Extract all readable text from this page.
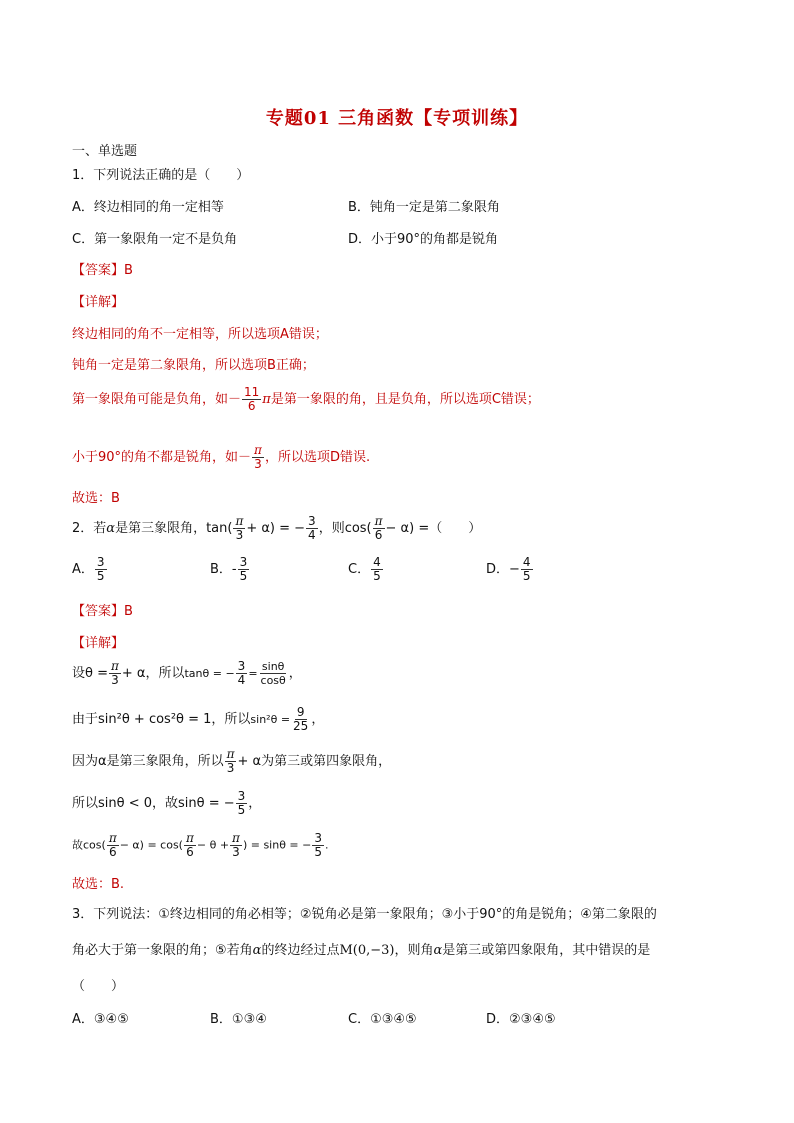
专题01 三角函数【专项训练】
一、单选题
1．下列说法正确的是（　　）
A．终边相同的角一定相等	B．钝角一定是第二象限角
C．第一象限角一定不是负角	D．小于90°的角都是锐角
【答案】B
【详解】
终边相同的角不一定相等，所以选项A错误；
钝角一定是第二象限角，所以选项B正确；
第一象限角可能是负角，如－ $\frac{11}{6}$ π是第一象限的角，且是负角，所以选项C错误；
小于90°的角不都是锐角，如－ $\frac{\pi}{3}$ ，所以选项D错误.
故选：B
2．若α是第三象限角，$\tan( \frac{\pi}{3} + \alpha)$ = − $\frac{3}{4}$ ，则$\cos( \frac{\pi}{6} - \alpha)$ =（　　）
A． $\frac{3}{5}$	B．- $\frac{3}{5}$	C． $\frac{4}{5}$	D．− $\frac{4}{5}$
【答案】B
【详解】
设$\theta = \frac{\pi}{3} + \alpha$，所以tanθ = − $\frac{3}{4} = \frac{\sin\theta}{\cos\theta}$ ，
由于sin²θ + cos²θ = 1，所以$\sin^2\theta = \frac{9}{25}$ ，
因为α是第三象限角，所以 $\frac{\pi}{3} + \alpha$为第三或第四象限角，
所以sinθ < 0，故sinθ = − $\frac{3}{5}$ ，
故$\cos( \frac{\pi}{6} - \alpha) = \cos( \frac{\pi}{6} - \theta + \frac{\pi}{3}$ ) = sinθ = − $\frac{3}{5}$ .
故选：B.
3．下列说法：①终边相同的角必相等；②锐角必是第一象限角；③小于90°的角是锐角；④第二象限的
角必大于第一象限的角；⑤若角α的终边经过点M(0,−3)，则角α是第三或第四象限角，其中错误的是
（　　）
A．③④⑤	B．①③④	C．①③④⑤	D．②③④⑤
